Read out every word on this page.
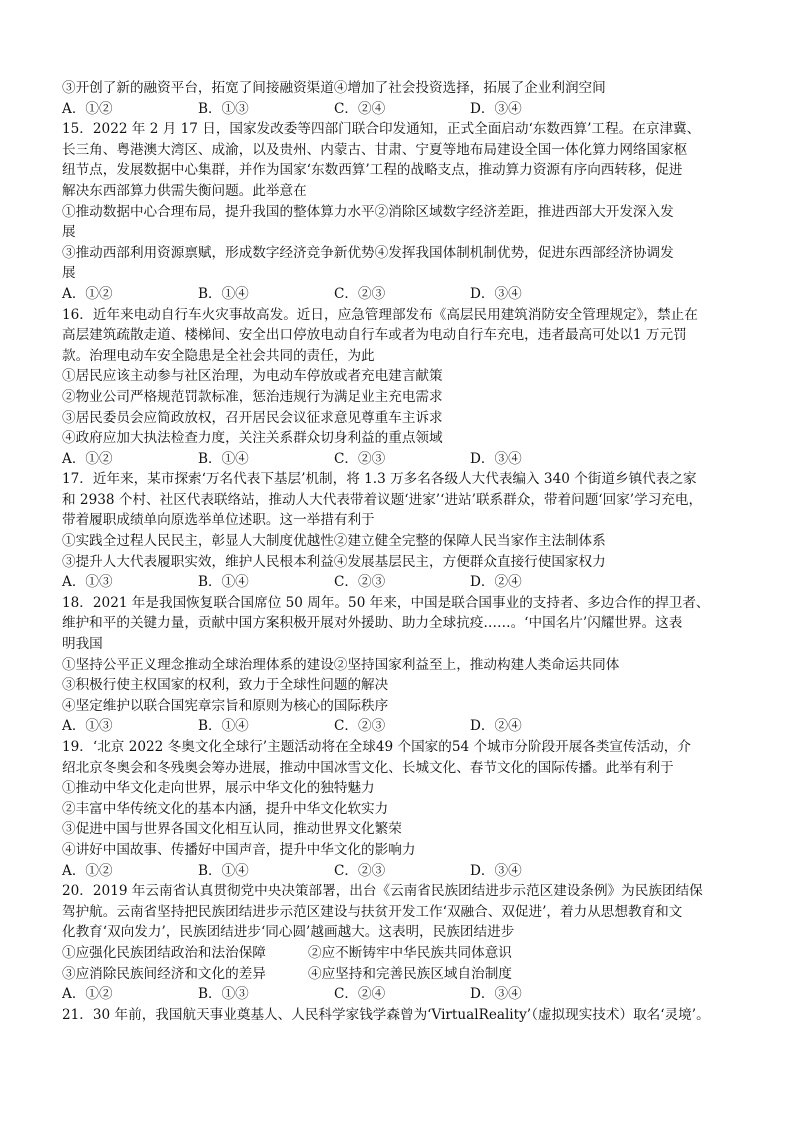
③开创了新的融资平台，拓宽了间接融资渠道④增加了社会投资选择，拓展了企业利润空间
A．①②	B．①③	C．②④	D．③④
15．2022 年 2 月 17 日，国家发改委等四部门联合印发通知，正式全面启动‘东数西算’工程。在京津冀、
长三角、粤港澳大湾区、成渝，以及贵州、内蒙古、甘肃、宁夏等地布局建设全国一体化算力网络国家枢
纽节点，发展数据中心集群，并作为国家‘东数西算’工程的战略支点，推动算力资源有序向西转移，促进
解决东西部算力供需失衡问题。此举意在
①推动数据中心合理布局，提升我国的整体算力水平②消除区域数字经济差距，推进西部大开发深入发
展
③推动西部利用资源禀赋，形成数字经济竞争新优势④发挥我国体制机制优势，促进东西部经济协调发
展
A．①②	B．①④	C．②③	D．③④
16．近年来电动自行车火灾事故高发。近日，应急管理部发布《高层民用建筑消防安全管理规定》，禁止在
高层建筑疏散走道、楼梯间、安全出口停放电动自行车或者为电动自行车充电，违者最高可处以1 万元罚
款。治理电动车安全隐患是全社会共同的责任，为此
①居民应该主动参与社区治理，为电动车停放或者充电建言献策
②物业公司严格规范罚款标准，惩治违规行为满足业主充电需求
③居民委员会应简政放权，召开居民会议征求意见尊重车主诉求
④政府应加大执法检查力度，关注关系群众切身利益的重点领域
A．①②	B．①④	C．②③	D．③④
17．近年来，某市探索‘万名代表下基层’机制，将 1.3 万多名各级人大代表编入 340 个街道乡镇代表之家
和 2938 个村、社区代表联络站，推动人大代表带着议题‘进家’‘进站’联系群众，带着问题‘回家’学习充电，
带着履职成绩单向原选举单位述职。这一举措有利于
①实践全过程人民民主，彰显人大制度优越性②建立健全完整的保障人民当家作主法制体系
③提升人大代表履职实效，维护人民根本利益④发展基层民主，方便群众直接行使国家权力
A．①③	B．①④	C．②③	D．②④
18．2021 年是我国恢复联合国席位 50 周年。50 年来，中国是联合国事业的支持者、多边合作的捍卫者、
维护和平的关键力量，贡献中国方案积极开展对外援助、助力全球抗疫……。‘中国名片’闪耀世界。这表
明我国
①坚持公平正义理念推动全球治理体系的建设②坚持国家利益至上，推动构建人类命运共同体
③积极行使主权国家的权利，致力于全球性问题的解决
④坚定维护以联合国宪章宗旨和原则为核心的国际秩序
A．①③	B．①④	C．②③	D．②④
19．‘北京 2022 冬奥文化全球行’主题活动将在全球49 个国家的54 个城市分阶段开展各类宣传活动，介
绍北京冬奥会和冬残奥会筹办进展，推动中国冰雪文化、长城文化、春节文化的国际传播。此举有利于
①推动中华文化走向世界，展示中华文化的独特魅力
②丰富中华传统文化的基本内涵，提升中华文化软实力
③促进中国与世界各国文化相互认同，推动世界文化繁荣
④讲好中国故事、传播好中国声音，提升中华文化的影响力
A．①②	B．①④	C．②③	D．③④
20．2019 年云南省认真贯彻党中央决策部署，出台《云南省民族团结进步示范区建设条例》为民族团结保
驾护航。云南省坚持把民族团结进步示范区建设与扶贫开发工作‘双融合、双促进’，着力从思想教育和文
化教育‘双向发力’，民族团结进步‘同心圆’越画越大。这表明，民族团结进步
①应强化民族团结政治和法治保障	②应不断铸牢中华民族共同体意识
③应消除民族间经济和文化的差异	④应坚持和完善民族区域自治制度
A．①②	B．①③	C．②④	D．③④
21．30 年前，我国航天事业奠基人、人民科学家钱学森曾为‘VirtualReality’（虚拟现实技术）取名‘灵境’。
